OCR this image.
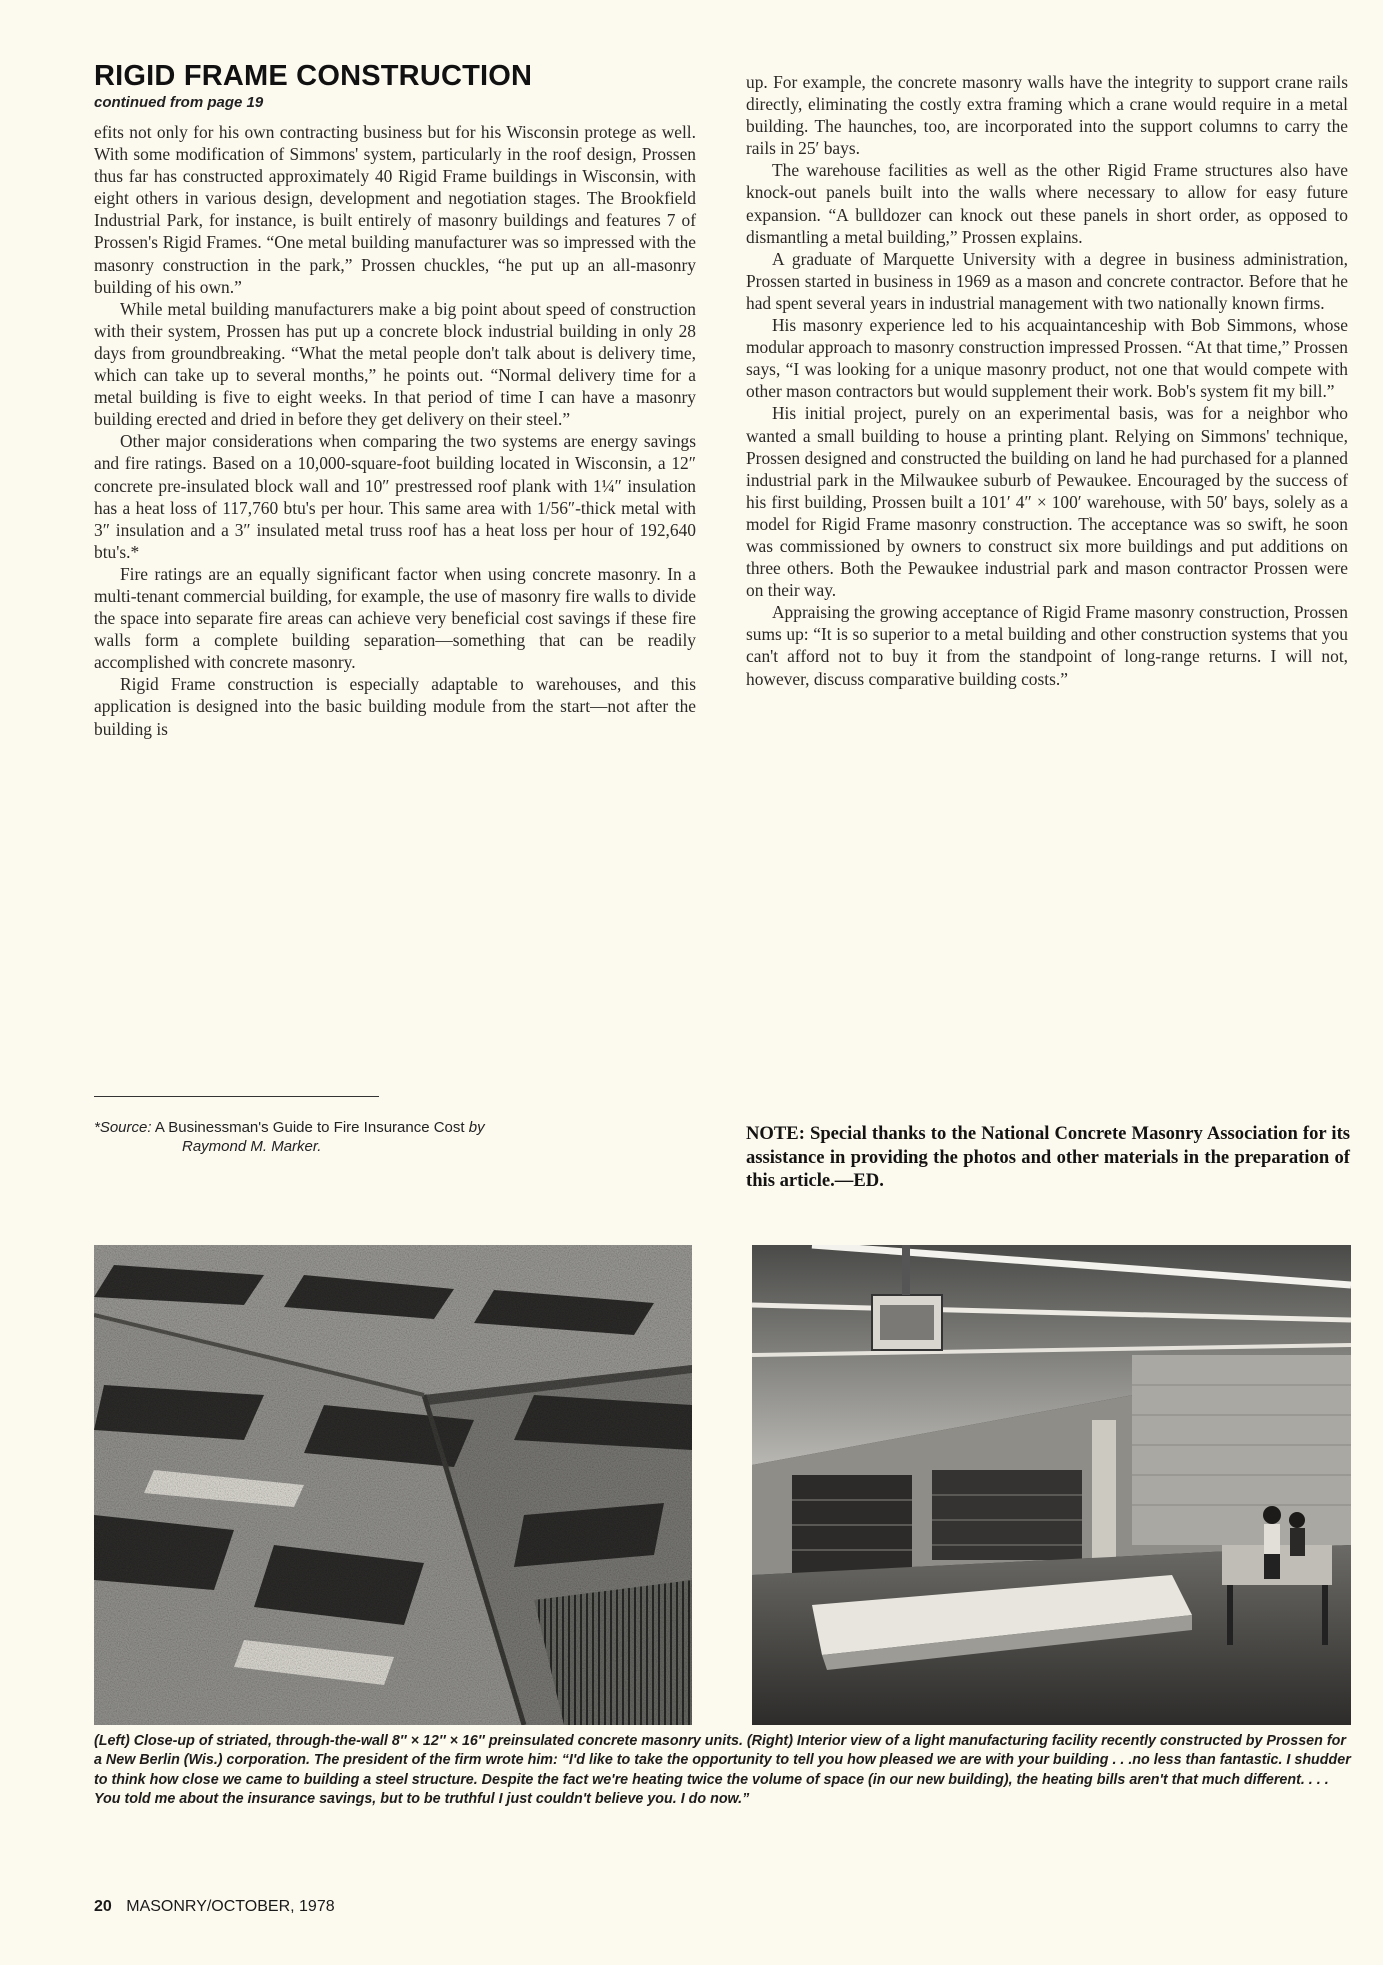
RIGID FRAME CONSTRUCTION
continued from page 19

efits not only for his own contracting business but for his Wisconsin protege as well. With some modification of Simmons' system, particularly in the roof design, Prossen thus far has constructed approximately 40 Rigid Frame buildings in Wisconsin, with eight others in various design, development and negotiation stages. The Brookfield Industrial Park, for instance, is built entirely of masonry buildings and features 7 of Prossen's Rigid Frames. “One metal building manufacturer was so impressed with the masonry construction in the park,” Prossen chuckles, “he put up an all-masonry building of his own.”

While metal building manufacturers make a big point about speed of construction with their system, Prossen has put up a concrete block industrial building in only 28 days from groundbreaking. “What the metal people don't talk about is delivery time, which can take up to several months,” he points out. “Normal delivery time for a metal building is five to eight weeks. In that period of time I can have a masonry building erected and dried in before they get delivery on their steel.”

Other major considerations when comparing the two systems are energy savings and fire ratings. Based on a 10,000-square-foot building located in Wisconsin, a 12″ concrete pre-insulated block wall and 10″ prestressed roof plank with 1¼″ insulation has a heat loss of 117,760 btu's per hour. This same area with 1/56″-thick metal with 3″ insulation and a 3″ insulated metal truss roof has a heat loss per hour of 192,640 btu's.*

Fire ratings are an equally significant factor when using concrete masonry. In a multi-tenant commercial building, for example, the use of masonry fire walls to divide the space into separate fire areas can achieve very beneficial cost savings if these fire walls form a complete building separation—something that can be readily accomplished with concrete masonry.

Rigid Frame construction is especially adaptable to warehouses, and this application is designed into the basic building module from the start—not after the building is

up. For example, the concrete masonry walls have the integrity to support crane rails directly, eliminating the costly extra framing which a crane would require in a metal building. The haunches, too, are incorporated into the support columns to carry the rails in 25′ bays.

The warehouse facilities as well as the other Rigid Frame structures also have knock-out panels built into the walls where necessary to allow for easy future expansion. “A bulldozer can knock out these panels in short order, as opposed to dismantling a metal building,” Prossen explains.

A graduate of Marquette University with a degree in business administration, Prossen started in business in 1969 as a mason and concrete contractor. Before that he had spent several years in industrial management with two nationally known firms.

His masonry experience led to his acquaintanceship with Bob Simmons, whose modular approach to masonry construction impressed Prossen. “At that time,” Prossen says, “I was looking for a unique masonry product, not one that would compete with other mason contractors but would supplement their work. Bob's system fit my bill.”

His initial project, purely on an experimental basis, was for a neighbor who wanted a small building to house a printing plant. Relying on Simmons' technique, Prossen designed and constructed the building on land he had purchased for a planned industrial park in the Milwaukee suburb of Pewaukee. Encouraged by the success of his first building, Prossen built a 101′ 4″ × 100′ warehouse, with 50′ bays, solely as a model for Rigid Frame masonry construction. The acceptance was so swift, he soon was commissioned by owners to construct six more buildings and put additions on three others. Both the Pewaukee industrial park and mason contractor Prossen were on their way.

Appraising the growing acceptance of Rigid Frame masonry construction, Prossen sums up: “It is so superior to a metal building and other construction systems that you can't afford not to buy it from the standpoint of long-range returns. I will not, however, discuss comparative building costs.”

*Source: A Businessman's Guide to Fire Insurance Cost by
Raymond M. Marker.
NOTE: Special thanks to the National Concrete Masonry Association for its assistance in providing the photos and other materials in the preparation of this article.—ED.
(Left) Close-up of striated, through-the-wall 8″ × 12″ × 16″ preinsulated concrete masonry units. (Right) Interior view of a light manufacturing facility recently constructed by Prossen for a New Berlin (Wis.) corporation. The president of the firm wrote him: “I'd like to take the opportunity to tell you how pleased we are with your building . . .no less than fantastic. I shudder to think how close we came to building a steel structure. Despite the fact we're heating twice the volume of space (in our new building), the heating bills aren't that much different. . . . You told me about the insurance savings, but to be truthful I just couldn't believe you. I do now.”
20 MASONRY/OCTOBER, 1978
